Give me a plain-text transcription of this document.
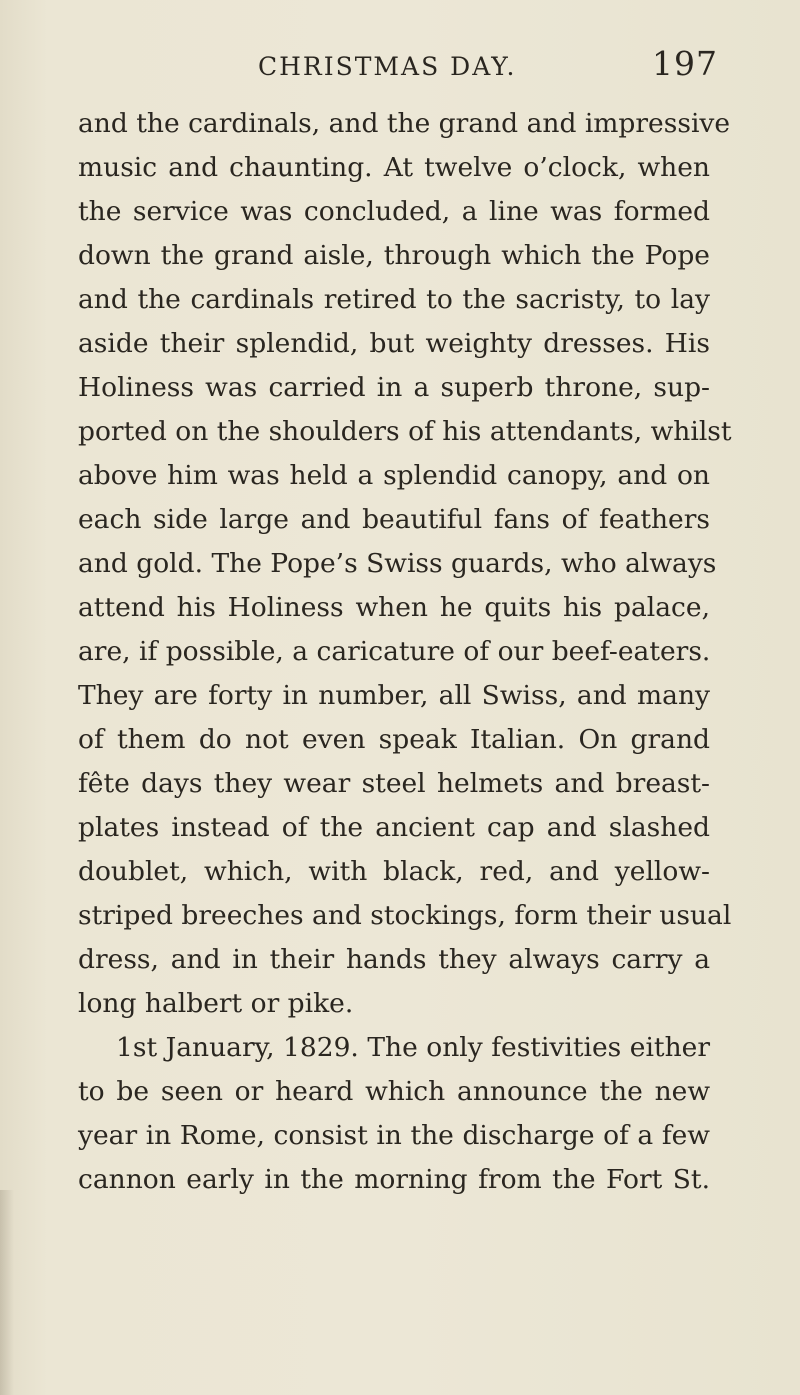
CHRISTMAS DAY.	197
and the cardinals, and the grand and impressive
music and chaunting. At twelve o’clock, when
the service was concluded, a line was formed
down the grand aisle, through which the Pope
and the cardinals retired to the sacristy, to lay
aside their splendid, but weighty dresses. His
Holiness was carried in a superb throne, sup-
ported on the shoulders of his attendants, whilst
above him was held a splendid canopy, and on
each side large and beautiful fans of feathers
and gold. The Pope’s Swiss guards, who always
attend his Holiness when he quits his palace,
are, if possible, a caricature of our beef-eaters.
They are forty in number, all Swiss, and many
of them do not even speak Italian. On grand
fête days they wear steel helmets and breast-
plates instead of the ancient cap and slashed
doublet, which, with black, red, and yellow-
striped breeches and stockings, form their usual
dress, and in their hands they always carry a
long halbert or pike.
1st January, 1829. The only festivities either
to be seen or heard which announce the new
year in Rome, consist in the discharge of a few
cannon early in the morning from the Fort St.
